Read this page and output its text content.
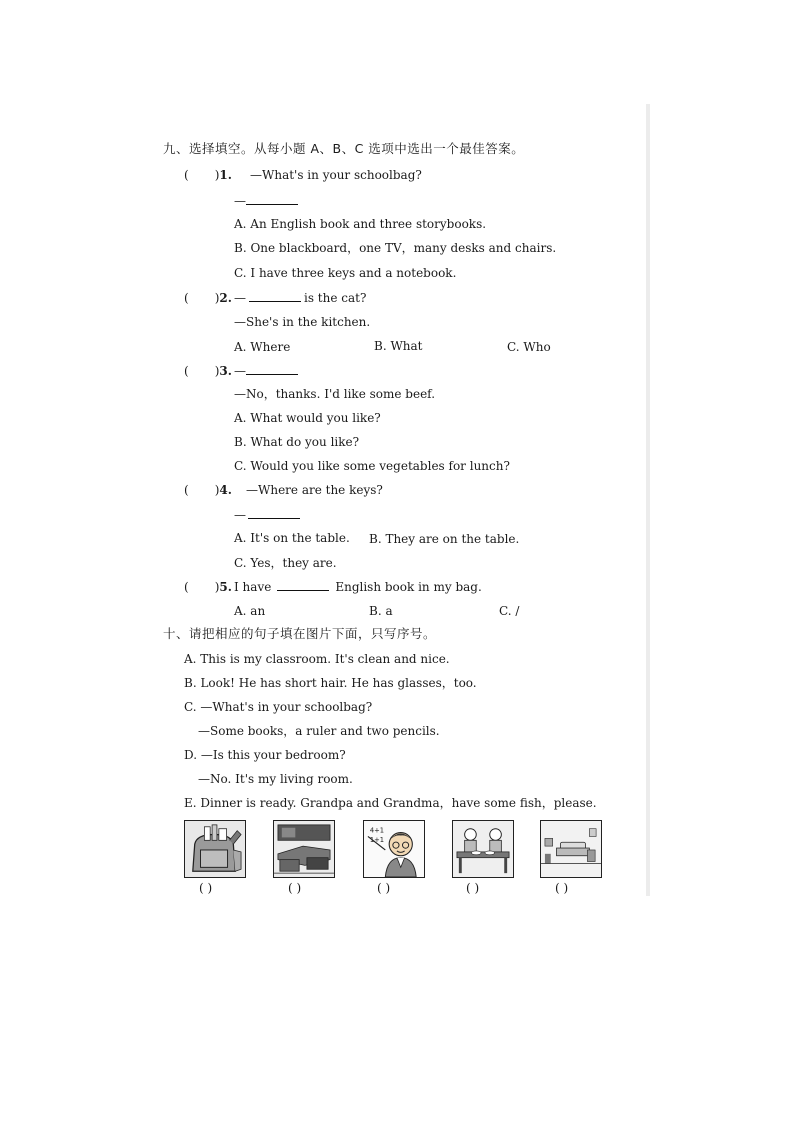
九、选择填空。从每小题 A、B、C 选项中选出一个最佳答案。
( )1. —What's in your schoolbag?
—
A. An English book and three storybooks.
B. One blackboard，one TV，many desks and chairs.
C. I have three keys and a notebook.
( )2. —	is the cat?
—She's in the kitchen.
A. Where	B. What	C. Who
( )3. —
—No，thanks. I'd like some beef.
A. What would you like?
B. What do you like?
C. Would you like some vegetables for lunch?
( )4. —Where are the keys?
—
A. It's on the table. B. They are on the table.
C. Yes，they are.
( )5. I have	English book in my bag.
A. an	B. a	C. /
十、请把相应的句子填在图片下面，只写序号。
A. This is my classroom. It's clean and nice.
B. Look! He has short hair. He has glasses，too.
C. —What's in your schoolbag?
—Some books，a ruler and two pencils.
D. —Is this your bedroom?
—No. It's my living room.
E. Dinner is ready. Grandpa and Grandma，have some fish，please.
4+1
1+1
( )	( )	( )	( )	( )
